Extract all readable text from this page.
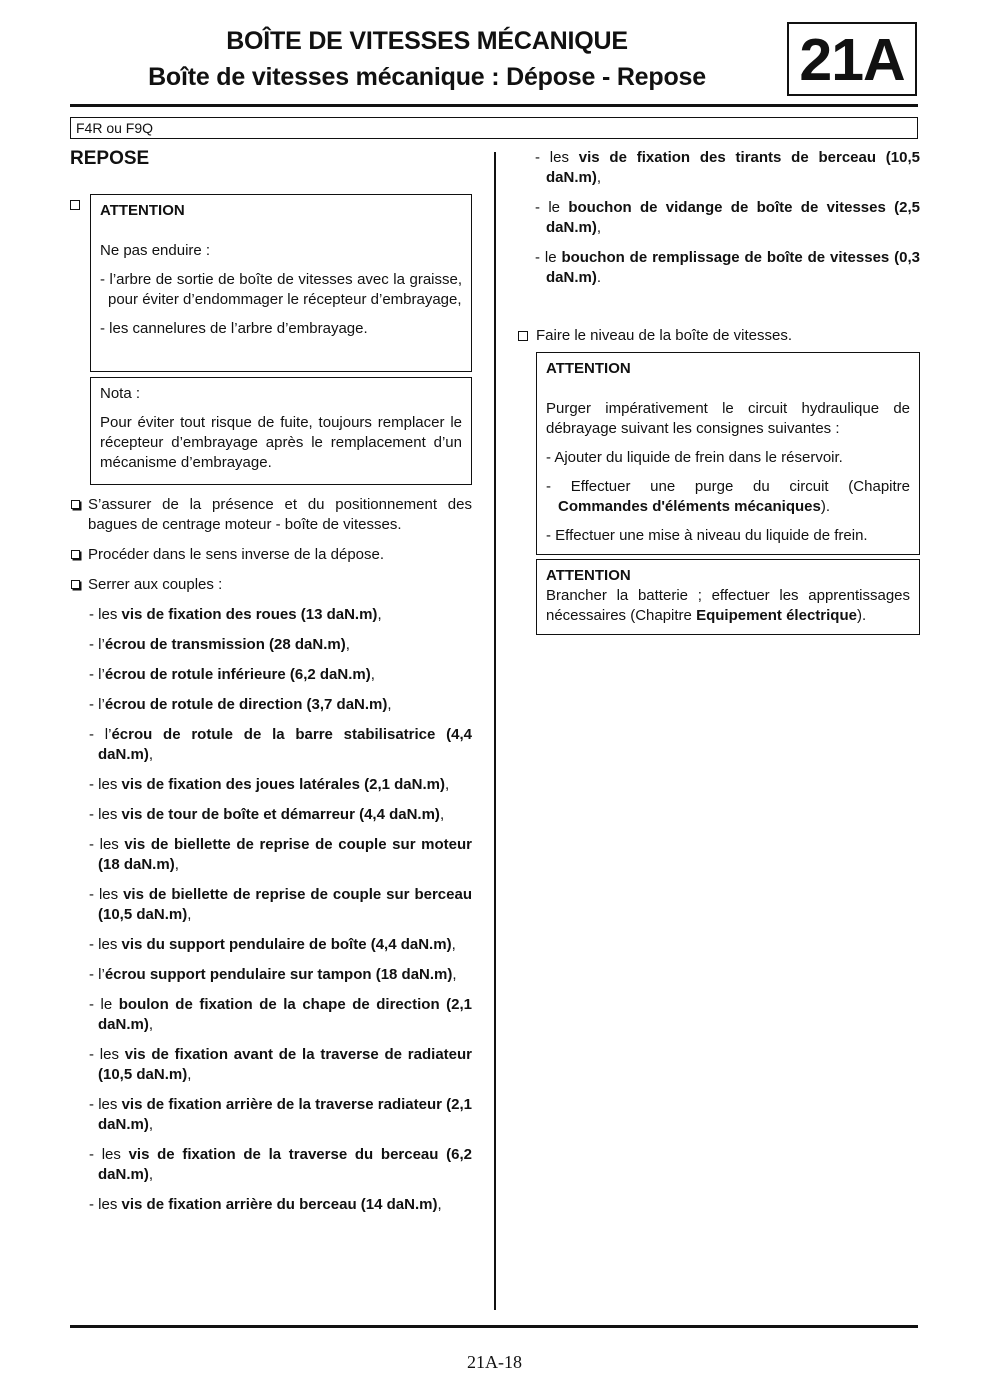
BOÎTE DE VITESSES MÉCANIQUE
Boîte de vitesses mécanique : Dépose - Repose	21A
F4R ou F9Q
REPOSE
ATTENTION

Ne pas enduire :

- l’arbre de sortie de boîte de vitesses avec la graisse, pour éviter d’endommager le récepteur d’embrayage,
- les cannelures de l’arbre d’embrayage.
Nota :

Pour éviter tout risque de fuite, toujours remplacer le récepteur d’embrayage après le remplacement d’un mécanisme d’embrayage.

S’assurer de la présence et du positionnement des bagues de centrage moteur - boîte de vitesses.
Procéder dans le sens inverse de la dépose.
Serrer aux couples :
- les vis de fixation des roues (13 daN.m),
- l’écrou de transmission (28 daN.m),
- l’écrou de rotule inférieure (6,2 daN.m),
- l’écrou de rotule de direction (3,7 daN.m),
- l’écrou de rotule de la barre stabilisatrice (4,4 daN.m),
- les vis de fixation des joues latérales (2,1 daN.m),
- les vis de tour de boîte et démarreur (4,4 daN.m),
- les vis de biellette de reprise de couple sur moteur (18 daN.m),
- les vis de biellette de reprise de couple sur berceau (10,5 daN.m),
- les vis du support pendulaire de boîte (4,4 daN.m),
- l’écrou support pendulaire sur tampon (18 daN.m),
- le boulon de fixation de la chape de direction (2,1 daN.m),
- les vis de fixation avant de la traverse de radiateur (10,5 daN.m),
- les vis de fixation arrière de la traverse radiateur (2,1 daN.m),
- les vis de fixation de la traverse du berceau (6,2 daN.m),
- les vis de fixation arrière du berceau (14 daN.m),
- les vis de fixation des tirants de berceau (10,5 daN.m),
- le bouchon de vidange de boîte de vitesses (2,5 daN.m),
- le bouchon de remplissage de boîte de vitesses (0,3 daN.m).
Faire le niveau de la boîte de vitesses.
ATTENTION

Purger impérativement le circuit hydraulique de débrayage suivant les consignes suivantes :

- Ajouter du liquide de frein dans le réservoir.
- Effectuer une purge du circuit (Chapitre Commandes d'éléments mécaniques).
- Effectuer une mise à niveau du liquide de frein.
ATTENTION

Brancher la batterie ; effectuer les apprentissages nécessaires (Chapitre Equipement électrique).

21A-18
